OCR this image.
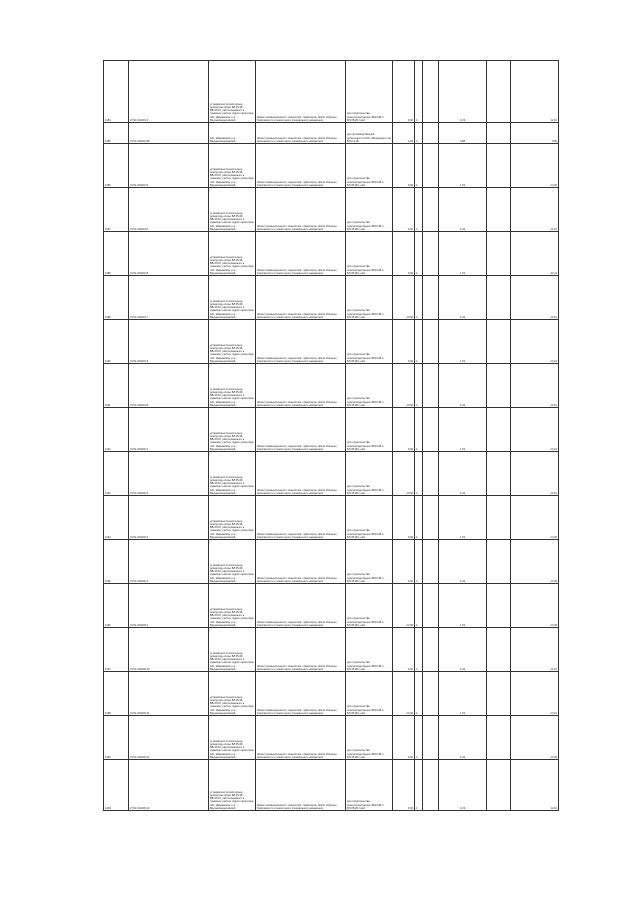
1184	37:01:010201:3	установлено относительно ориентира опоры ВЛ 35 кВ ВВ-37/10, расположенного в границах участка. Адрес ориентира: обл. Ивановская, р-н Верхнеландеховский	Земли промышленности, энергетики, транспорта, земли обороны, безопасности и земли иного специального назначения	для строительства электроподстанции 35/10 кВ и ВЛ-35 кВ с ней	9,00	4		1,33		12,10
1185	37:01:010201:38	обл. Ивановская, р-н Верхнеландеховский	Земли промышленности, энергетики, транспорта, земли обороны, безопасности и земли иного специального назначения	для производственной деятельности ОАО «Меридиан» под ВЛ-0,4 кВ	4,00	4		0,88		0,65
1186	37:01:010201:6	установлено относительно ориентира опоры ВЛ 35 кВ ВВ-37/10, расположенного в границах участка. Адрес ориентира: обл. Ивановская, р-н Верхнеландеховский	Земли промышленности, энергетики, транспорта, земли обороны, безопасности и земли иного специального назначения	для строительства электроподстанции 35/10 кВ и ВЛ-35 кВ с ней	9,00	4		1,33		12,00
1187	37:01:010201:5	установлено относительно ориентира опоры ВЛ 35 кВ ВВ-37/10, расположенного в границах участка. Адрес ориентира: обл. Ивановская, р-н Верхнеландеховский	Земли промышленности, энергетики, транспорта, земли обороны, безопасности и земли иного специального назначения	для строительства электроподстанции 35/10 кВ и ВЛ-35 кВ с ней	9,00	4		1,33		12,10
1188	37:01:010201:8	установлено относительно ориентира опоры ВЛ 35 кВ ВВ-37/10, расположенного в границах участка. Адрес ориентира: обл. Ивановская, р-н Верхнеландеховский	Земли промышленности, энергетики, транспорта, земли обороны, безопасности и земли иного специального назначения	для строительства электроподстанции 35/10 кВ и ВЛ-35 кВ с ней	9,00	4		1,33		12,11
1189	37:01:010201:7	установлено относительно ориентира опоры ВЛ 35 кВ ВВ-37/10, расположенного в границах участка. Адрес ориентира: обл. Ивановская, р-н Верхнеландеховский	Земли промышленности, энергетики, транспорта, земли обороны, безопасности и земли иного специального назначения	для строительства электроподстанции 35/10 кВ и ВЛ-35 кВ с ней	10,00	4		1,33		12,15
1190	37:01:010201:9	установлено относительно ориентира опоры ВЛ 35 кВ ВВ-37/10, расположенного в границах участка. Адрес ориентира: обл. Ивановская, р-н Верхнеландеховский	Земли промышленности, энергетики, транспорта, земли обороны, безопасности и земли иного специального назначения	для строительства электроподстанции 35/10 кВ и ВЛ-35 кВ с ней	9,00	4		1,33		12,10
1191	37:01:010201:8	установлено относительно ориентира опоры ВЛ 35 кВ ВВ-37/10, расположенного в границах участка. Адрес ориентира: обл. Ивановская, р-н Верхнеландеховский	Земли промышленности, энергетики, транспорта, земли обороны, безопасности и земли иного специального назначения	для строительства электроподстанции 35/10 кВ и ВЛ-35 кВ с ней	10,00	4		1,33		12,15
1192	37:01:010202:1	установлено относительно ориентира опоры ВЛ 35 кВ ВВ-37/10, расположенного в границах участка. Адрес ориентира: обл. Ивановская, р-н Верхнеландеховский	Земли промышленности, энергетики, транспорта, земли обороны, безопасности и земли иного специального назначения	для строительства электроподстанции 35/10 кВ и ВЛ-35 кВ с ней	9,00	4		1,33		12,10
1193	37:01:010202:2	установлено относительно ориентира опоры ВЛ 35 кВ ВВ-37/10, расположенного в границах участка. Адрес ориентира: обл. Ивановская, р-н Верхнеландеховский	Земли промышленности, энергетики, транспорта, земли обороны, безопасности и земли иного специального назначения	для строительства электроподстанции 35/10 кВ и ВЛ-35 кВ с ней	10,00	4		1,33		12,15
1194	37:01:010202:3	установлено относительно ориентира опоры ВЛ 35 кВ ВВ-37/10, расположенного в границах участка. Адрес ориентира: обл. Ивановская, р-н Верхнеландеховский	Земли промышленности, энергетики, транспорта, земли обороны, безопасности и земли иного специального назначения	для строительства электроподстанции 35/10 кВ и ВЛ-35 кВ с ней	9,00	4		1,33		12,00
1195	37:01:010202:4	установлено относительно ориентира опоры ВЛ 35 кВ ВВ-37/10, расположенного в границах участка. Адрес ориентира: обл. Ивановская, р-н Верхнеландеховский	Земли промышленности, энергетики, транспорта, земли обороны, безопасности и земли иного специального назначения	для строительства электроподстанции 35/10 кВ и ВЛ-35 кВ с ней	9,00	4		1,33		12,00
1196	37:01:010203:1	установлено относительно ориентира опоры ВЛ 35 кВ ВВ-37/10, расположенного в границах участка. Адрес ориентира: обл. Ивановская, р-н Верхнеландеховский	Земли промышленности, энергетики, транспорта, земли обороны, безопасности и земли иного специального назначения	для строительства электроподстанции 35/10 кВ и ВЛ-35 кВ с ней	12,00	4		1,33		14,35
1197	37:01:010203:10	установлено относительно ориентира опоры ВЛ 35 кВ ВВ-37/10, расположенного в границах участка. Адрес ориентира: обл. Ивановская, р-н Верхнеландеховский	Земли промышленности, энергетики, транспорта, земли обороны, безопасности и земли иного специального назначения	для строительства электроподстанции 35/10 кВ и ВЛ-35 кВ с ней	9,00	4		1,33		12,10
1198	37:01:010203:11	установлено относительно ориентира опоры ВЛ 35 кВ ВВ-37/10, расположенного в границах участка. Адрес ориентира: обл. Ивановская, р-н Верхнеландеховский	Земли промышленности, энергетики, транспорта, земли обороны, безопасности и земли иного специального назначения	для строительства электроподстанции 35/10 кВ и ВЛ-35 кВ с ней	10,00	4		1,33		12,15
1199	37:01:010203:12	установлено относительно ориентира опоры ВЛ 35 кВ ВВ-37/10, расположенного в границах участка. Адрес ориентира: обл. Ивановская, р-н Верхнеландеховский	Земли промышленности, энергетики, транспорта, земли обороны, безопасности и земли иного специального назначения	для строительства электроподстанции 35/10 кВ и ВЛ-35 кВ с ней	9,00	4		1,33		12,00
1200	37:01:010203:13	установлено относительно ориентира опоры ВЛ 35 кВ ВВ-37/10, расположенного в границах участка. Адрес ориентира: обл. Ивановская, р-н Верхнеландеховский	Земли промышленности, энергетики, транспорта, земли обороны, безопасности и земли иного специального назначения	для строительства электроподстанции 35/10 кВ и ВЛ-35 кВ с ней	9,00	4		1,33		12,10
